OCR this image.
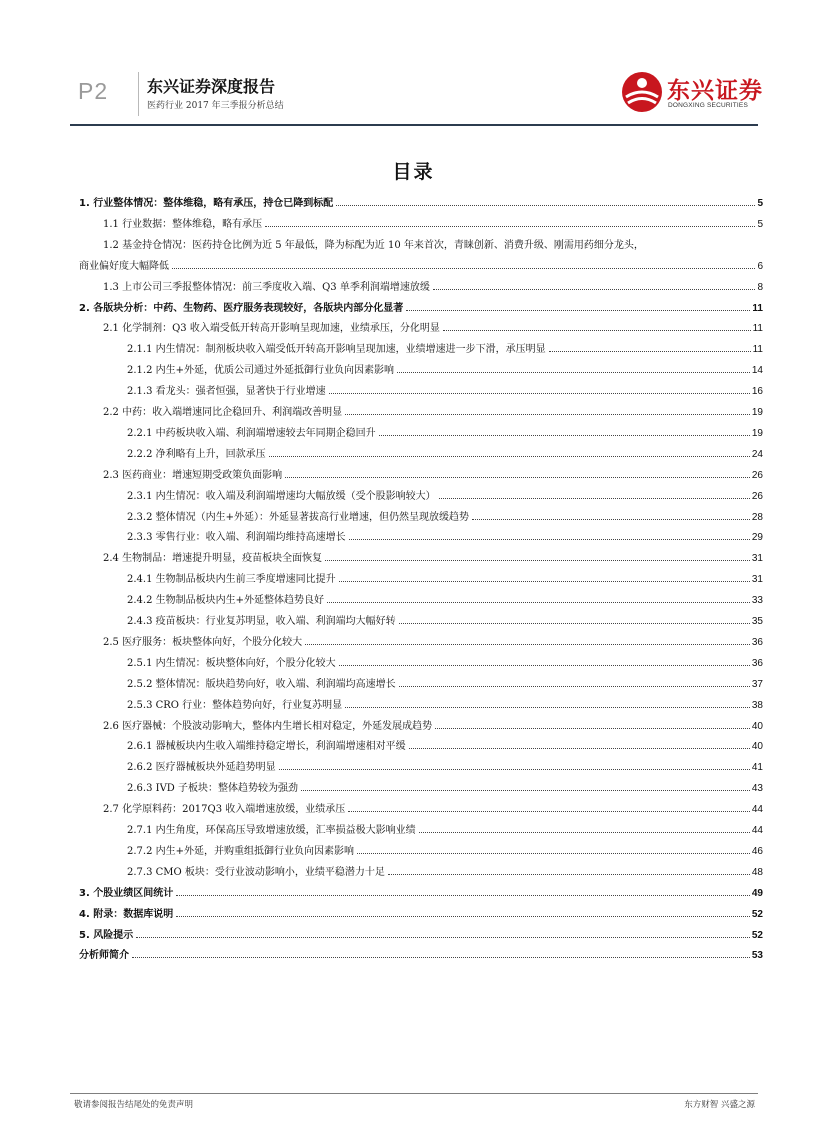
P2 东兴证券深度报告
医药行业 2017 年三季报分析总结
东兴证券
DONGXING SECURITIES
目录
1. 行业整体情况：整体维稳，略有承压，持仓已降到标配	5
1.1 行业数据：整体维稳，略有承压	5
1.2 基金持仓情况：医药持仓比例为近 5 年最低，降为标配为近 10 年来首次，青睐创新、消费升级、刚需用药细分龙头，
商业偏好度大幅降低	6
1.3 上市公司三季报整体情况：前三季度收入端、Q3 单季利润端增速放缓	8
2. 各版块分析：中药、生物药、医疗服务表现较好，各版块内部分化显著	11
2.1 化学制剂：Q3 收入端受低开转高开影响呈现加速，业绩承压，分化明显	11
2.1.1 内生情况：制剂板块收入端受低开转高开影响呈现加速，业绩增速进一步下滑，承压明显	11
2.1.2 内生+外延，优质公司通过外延抵御行业负向因素影响	14
2.1.3 看龙头：强者恒强，显著快于行业增速	16
2.2 中药：收入端增速同比企稳回升、利润端改善明显	19
2.2.1 中药板块收入端、利润端增速较去年同期企稳回升	19
2.2.2 净利略有上升，回款承压	24
2.3 医药商业：增速短期受政策负面影响	26
2.3.1 内生情况：收入端及利润端增速均大幅放缓（受个股影响较大）	26
2.3.2 整体情况（内生+外延）：外延显著拔高行业增速，但仍然呈现放缓趋势	28
2.3.3 零售行业：收入端、利润端均维持高速增长	29
2.4 生物制品：增速提升明显，疫苗板块全面恢复	31
2.4.1 生物制品板块内生前三季度增速同比提升	31
2.4.2 生物制品板块内生+外延整体趋势良好	33
2.4.3 疫苗板块：行业复苏明显，收入端、利润端均大幅好转	35
2.5 医疗服务：板块整体向好，个股分化较大	36
2.5.1 内生情况：板块整体向好，个股分化较大	36
2.5.2 整体情况：版块趋势向好，收入端、利润端均高速增长	37
2.5.3 CRO 行业：整体趋势向好，行业复苏明显	38
2.6 医疗器械：个股波动影响大，整体内生增长相对稳定，外延发展成趋势	40
2.6.1 器械板块内生收入端维持稳定增长，利润端增速相对平缓	40
2.6.2 医疗器械板块外延趋势明显	41
2.6.3 IVD 子板块：整体趋势较为强劲	43
2.7 化学原料药：2017Q3 收入端增速放缓，业绩承压	44
2.7.1 内生角度，环保高压导致增速放缓，汇率损益极大影响业绩	44
2.7.2 内生+外延，并购重组抵御行业负向因素影响	46
2.7.3 CMO 板块：受行业波动影响小，业绩平稳潜力十足	48
3. 个股业绩区间统计	49
4. 附录：数据库说明	52
5. 风险提示	52
分析师简介	53
敬请参阅报告结尾处的免责声明	东方财智 兴盛之源
